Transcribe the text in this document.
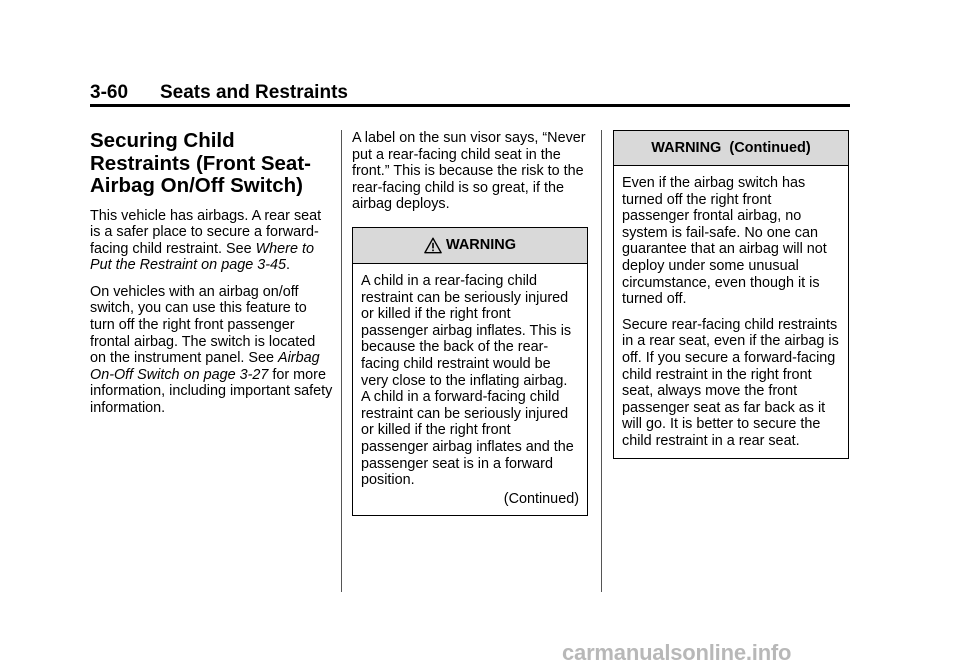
3-60 Seats and Restraints
Securing Child Restraints (Front Seat-Airbag On/Off Switch)

This vehicle has airbags. A rear seat is a safer place to secure a forward-facing child restraint. See Where to Put the Restraint on page 3-45.

On vehicles with an airbag on/off switch, you can use this feature to turn off the right front passenger frontal airbag. The switch is located on the instrument panel. See Airbag On-Off Switch on page 3-27 for more information, including important safety information.

A label on the sun visor says, “Never put a rear-facing child seat in the front.” This is because the risk to the rear-facing child is so great, if the airbag deploys.

WARNING

A child in a rear-facing child restraint can be seriously injured or killed if the right front passenger airbag inflates. This is because the back of the rear-facing child restraint would be very close to the inflating airbag. A child in a forward-facing child restraint can be seriously injured or killed if the right front passenger airbag inflates and the passenger seat is in a forward position.

(Continued)
WARNING  (Continued)

Even if the airbag switch has turned off the right front passenger frontal airbag, no system is fail-safe. No one can guarantee that an airbag will not deploy under some unusual circumstance, even though it is turned off.

Secure rear-facing child restraints in a rear seat, even if the airbag is off. If you secure a forward-facing child restraint in the right front seat, always move the front passenger seat as far back as it will go. It is better to secure the child restraint in a rear seat.

carmanualsonline.info
